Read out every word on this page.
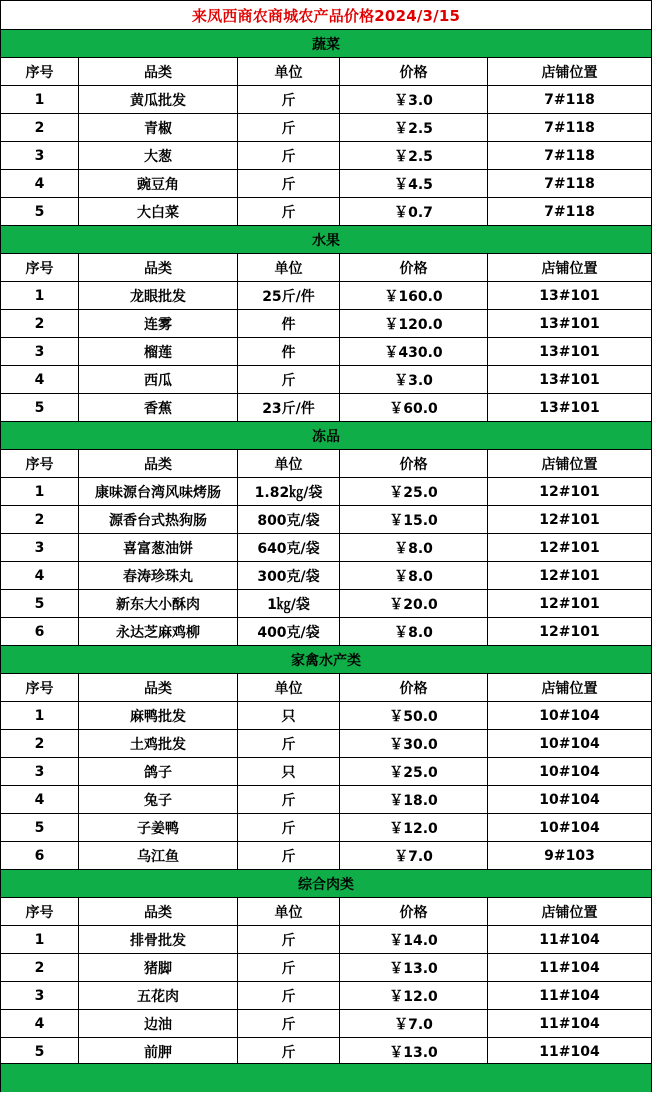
来凤西商农商城农产品价格2024/3/15
蔬菜
序号	品类	单位	价格	店铺位置
1	黄瓜批发	斤	￥3.0	7#118
2	青椒	斤	￥2.5	7#118
3	大葱	斤	￥2.5	7#118
4	豌豆角	斤	￥4.5	7#118
5	大白菜	斤	￥0.7	7#118
水果
序号	品类	单位	价格	店铺位置
1	龙眼批发	25斤/件	￥160.0	13#101
2	连雾	件	￥120.0	13#101
3	榴莲	件	￥430.0	13#101
4	西瓜	斤	￥3.0	13#101
5	香蕉	23斤/件	￥60.0	13#101
冻品
序号	品类	单位	价格	店铺位置
1	康味源台湾风味烤肠	1.82㎏/袋	￥25.0	12#101
2	源香台式热狗肠	800克/袋	￥15.0	12#101
3	喜富葱油饼	640克/袋	￥8.0	12#101
4	春涛珍珠丸	300克/袋	￥8.0	12#101
5	新东大小酥肉	1㎏/袋	￥20.0	12#101
6	永达芝麻鸡柳	400克/袋	￥8.0	12#101
家禽水产类
序号	品类	单位	价格	店铺位置
1	麻鸭批发	只	￥50.0	10#104
2	土鸡批发	斤	￥30.0	10#104
3	鸽子	只	￥25.0	10#104
4	兔子	斤	￥18.0	10#104
5	子姜鸭	斤	￥12.0	10#104
6	乌江鱼	斤	￥7.0	9#103
综合肉类
序号	品类	单位	价格	店铺位置
1	排骨批发	斤	￥14.0	11#104
2	猪脚	斤	￥13.0	11#104
3	五花肉	斤	￥12.0	11#104
4	边油	斤	￥7.0	11#104
5	前胛	斤	￥13.0	11#104
